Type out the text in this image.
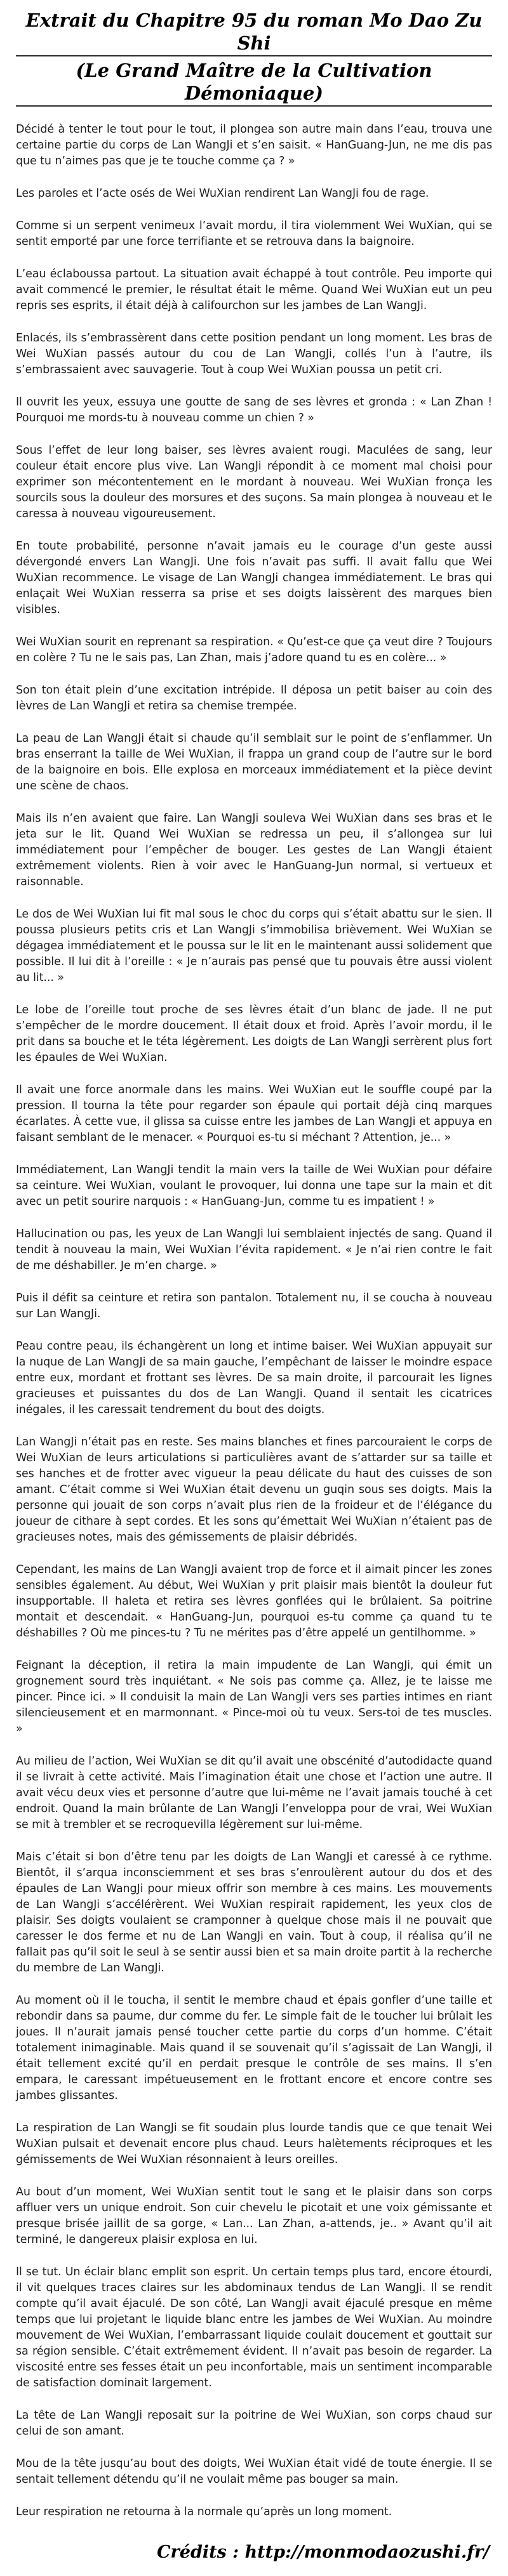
Extrait du Chapitre 95 du roman Mo Dao Zu Shi
(Le Grand Maître de la Cultivation Démoniaque)

Décidé à tenter le tout pour le tout, il plongea son autre main dans l’eau, trouva une certaine partie du corps de Lan WangJi et s’en saisit. « HanGuang-Jun, ne me dis pas que tu n’aimes pas que je te touche comme ça ? »

Les paroles et l’acte osés de Wei WuXian rendirent Lan WangJi fou de rage.

Comme si un serpent venimeux l’avait mordu, il tira violemment Wei WuXian, qui se sentit emporté par une force terrifiante et se retrouva dans la baignoire.

L’eau éclaboussa partout. La situation avait échappé à tout contrôle. Peu importe qui avait commencé le premier, le résultat était le même. Quand Wei WuXian eut un peu repris ses esprits, il était déjà à califourchon sur les jambes de Lan WangJi.

Enlacés, ils s’embrassèrent dans cette position pendant un long moment. Les bras de Wei WuXian passés autour du cou de Lan WangJi, collés l’un à l’autre, ils s’embrassaient avec sauvagerie. Tout à coup Wei WuXian poussa un petit cri.

Il ouvrit les yeux, essuya une goutte de sang de ses lèvres et gronda : « Lan Zhan ! Pourquoi me mords-tu à nouveau comme un chien ? »

Sous l’effet de leur long baiser, ses lèvres avaient rougi. Maculées de sang, leur couleur était encore plus vive. Lan WangJi répondit à ce moment mal choisi pour exprimer son mécontentement en le mordant à nouveau. Wei WuXian fronça les sourcils sous la douleur des morsures et des suçons. Sa main plongea à nouveau et le caressa à nouveau vigoureusement.

En toute probabilité, personne n’avait jamais eu le courage d’un geste aussi dévergondé envers Lan WangJi. Une fois n’avait pas suffi. Il avait fallu que Wei WuXian recommence. Le visage de Lan WangJi changea immédiatement. Le bras qui enlaçait Wei WuXian resserra sa prise et ses doigts laissèrent des marques bien visibles.

Wei WuXian sourit en reprenant sa respiration. « Qu’est-ce que ça veut dire ? Toujours en colère ? Tu ne le sais pas, Lan Zhan, mais j’adore quand tu es en colère... »

Son ton était plein d’une excitation intrépide. Il déposa un petit baiser au coin des lèvres de Lan WangJi et retira sa chemise trempée.

La peau de Lan WangJi était si chaude qu’il semblait sur le point de s’enflammer. Un bras enserrant la taille de Wei WuXian, il frappa un grand coup de l’autre sur le bord de la baignoire en bois. Elle explosa en morceaux immédiatement et la pièce devint une scène de chaos.

Mais ils n’en avaient que faire. Lan WangJi souleva Wei WuXian dans ses bras et le jeta sur le lit. Quand Wei WuXian se redressa un peu, il s’allongea sur lui immédiatement pour l’empêcher de bouger. Les gestes de Lan WangJi étaient extrêmement violents. Rien à voir avec le HanGuang-Jun normal, si vertueux et raisonnable.

Le dos de Wei WuXian lui fit mal sous le choc du corps qui s’était abattu sur le sien. Il poussa plusieurs petits cris et Lan WangJi s’immobilisa brièvement. Wei WuXian se dégagea immédiatement et le poussa sur le lit en le maintenant aussi solidement que possible. Il lui dit à l’oreille : « Je n’aurais pas pensé que tu pouvais être aussi violent au lit... »

Le lobe de l’oreille tout proche de ses lèvres était d’un blanc de jade. Il ne put s’empêcher de le mordre doucement. Il était doux et froid. Après l’avoir mordu, il le prit dans sa bouche et le téta légèrement. Les doigts de Lan WangJi serrèrent plus fort les épaules de Wei WuXian.

Il avait une force anormale dans les mains. Wei WuXian eut le souffle coupé par la pression. Il tourna la tête pour regarder son épaule qui portait déjà cinq marques écarlates. À cette vue, il glissa sa cuisse entre les jambes de Lan WangJi et appuya en faisant semblant de le menacer. « Pourquoi es-tu si méchant ? Attention, je... »

Immédiatement, Lan WangJi tendit la main vers la taille de Wei WuXian pour défaire sa ceinture. Wei WuXian, voulant le provoquer, lui donna une tape sur la main et dit avec un petit sourire narquois : « HanGuang-Jun, comme tu es impatient ! »

Hallucination ou pas, les yeux de Lan WangJi lui semblaient injectés de sang. Quand il tendit à nouveau la main, Wei WuXian l’évita rapidement. « Je n’ai rien contre le fait de me déshabiller. Je m’en charge. »

Puis il défit sa ceinture et retira son pantalon. Totalement nu, il se coucha à nouveau sur Lan WangJi.

Peau contre peau, ils échangèrent un long et intime baiser. Wei WuXian appuyait sur la nuque de Lan WangJi de sa main gauche, l’empêchant de laisser le moindre espace entre eux, mordant et frottant ses lèvres. De sa main droite, il parcourait les lignes gracieuses et puissantes du dos de Lan WangJi. Quand il sentait les cicatrices inégales, il les caressait tendrement du bout des doigts.

Lan WangJi n’était pas en reste. Ses mains blanches et fines parcouraient le corps de Wei WuXian de leurs articulations si particulières avant de s’attarder sur sa taille et ses hanches et de frotter avec vigueur la peau délicate du haut des cuisses de son amant. C’était comme si Wei WuXian était devenu un guqin sous ses doigts. Mais la personne qui jouait de son corps n’avait plus rien de la froideur et de l’élégance du joueur de cithare à sept cordes. Et les sons qu’émettait Wei WuXian n’étaient pas de gracieuses notes, mais des gémissements de plaisir débridés.

Cependant, les mains de Lan WangJi avaient trop de force et il aimait pincer les zones sensibles également. Au début, Wei WuXian y prit plaisir mais bientôt la douleur fut insupportable. Il haleta et retira ses lèvres gonflées qui le brûlaient. Sa poitrine montait et descendait. « HanGuang-Jun, pourquoi es-tu comme ça quand tu te déshabilles ? Où me pinces-tu ? Tu ne mérites pas d’être appelé un gentilhomme. »

Feignant la déception, il retira la main impudente de Lan WangJi, qui émit un grognement sourd très inquiétant. « Ne sois pas comme ça. Allez, je te laisse me pincer. Pince ici. » Il conduisit la main de Lan WangJi vers ses parties intimes en riant silencieusement et en marmonnant. « Pince-moi où tu veux. Sers-toi de tes muscles. »

Au milieu de l’action, Wei WuXian se dit qu’il avait une obscénité d’autodidacte quand il se livrait à cette activité. Mais l’imagination était une chose et l’action une autre. Il avait vécu deux vies et personne d’autre que lui-même ne l’avait jamais touché à cet endroit. Quand la main brûlante de Lan WangJi l’enveloppa pour de vrai, Wei WuXian se mit à trembler et se recroquevilla légèrement sur lui-même.

Mais c’était si bon d’être tenu par les doigts de Lan WangJi et caressé à ce rythme. Bientôt, il s’arqua inconsciemment et ses bras s’enroulèrent autour du dos et des épaules de Lan WangJi pour mieux offrir son membre à ces mains. Les mouvements de Lan WangJi s’accélérèrent. Wei WuXian respirait rapidement, les yeux clos de plaisir. Ses doigts voulaient se cramponner à quelque chose mais il ne pouvait que caresser le dos ferme et nu de Lan WangJi en vain. Tout à coup, il réalisa qu’il ne fallait pas qu’il soit le seul à se sentir aussi bien et sa main droite partit à la recherche du membre de Lan WangJi.

Au moment où il le toucha, il sentit le membre chaud et épais gonfler d’une taille et rebondir dans sa paume, dur comme du fer. Le simple fait de le toucher lui brûlait les joues. Il n’aurait jamais pensé toucher cette partie du corps d’un homme. C’était totalement inimaginable. Mais quand il se souvenait qu’il s’agissait de Lan WangJi, il était tellement excité qu’il en perdait presque le contrôle de ses mains. Il s’en empara, le caressant impétueusement en le frottant encore et encore contre ses jambes glissantes.

La respiration de Lan WangJi se fit soudain plus lourde tandis que ce que tenait Wei WuXian pulsait et devenait encore plus chaud. Leurs halètements réciproques et les gémissements de Wei WuXian résonnaient à leurs oreilles.

Au bout d’un moment, Wei WuXian sentit tout le sang et le plaisir dans son corps affluer vers un unique endroit. Son cuir chevelu le picotait et une voix gémissante et presque brisée jaillit de sa gorge, « Lan... Lan Zhan, a-attends, je.. » Avant qu’il ait terminé, le dangereux plaisir explosa en lui.

Il se tut. Un éclair blanc emplit son esprit. Un certain temps plus tard, encore étourdi, il vit quelques traces claires sur les abdominaux tendus de Lan WangJi. Il se rendit compte qu’il avait éjaculé. De son côté, Lan WangJi avait éjaculé presque en même temps que lui projetant le liquide blanc entre les jambes de Wei WuXian. Au moindre mouvement de Wei WuXian, l’embarrassant liquide coulait doucement et gouttait sur sa région sensible. C’était extrêmement évident. Il n’avait pas besoin de regarder. La viscosité entre ses fesses était un peu inconfortable, mais un sentiment incomparable de satisfaction dominait largement.

La tête de Lan WangJi reposait sur la poitrine de Wei WuXian, son corps chaud sur celui de son amant.

Mou de la tête jusqu’au bout des doigts, Wei WuXian était vidé de toute énergie. Il se sentait tellement détendu qu’il ne voulait même pas bouger sa main.

Leur respiration ne retourna à la normale qu’après un long moment.

Crédits : http://monmodaozushi.fr/
